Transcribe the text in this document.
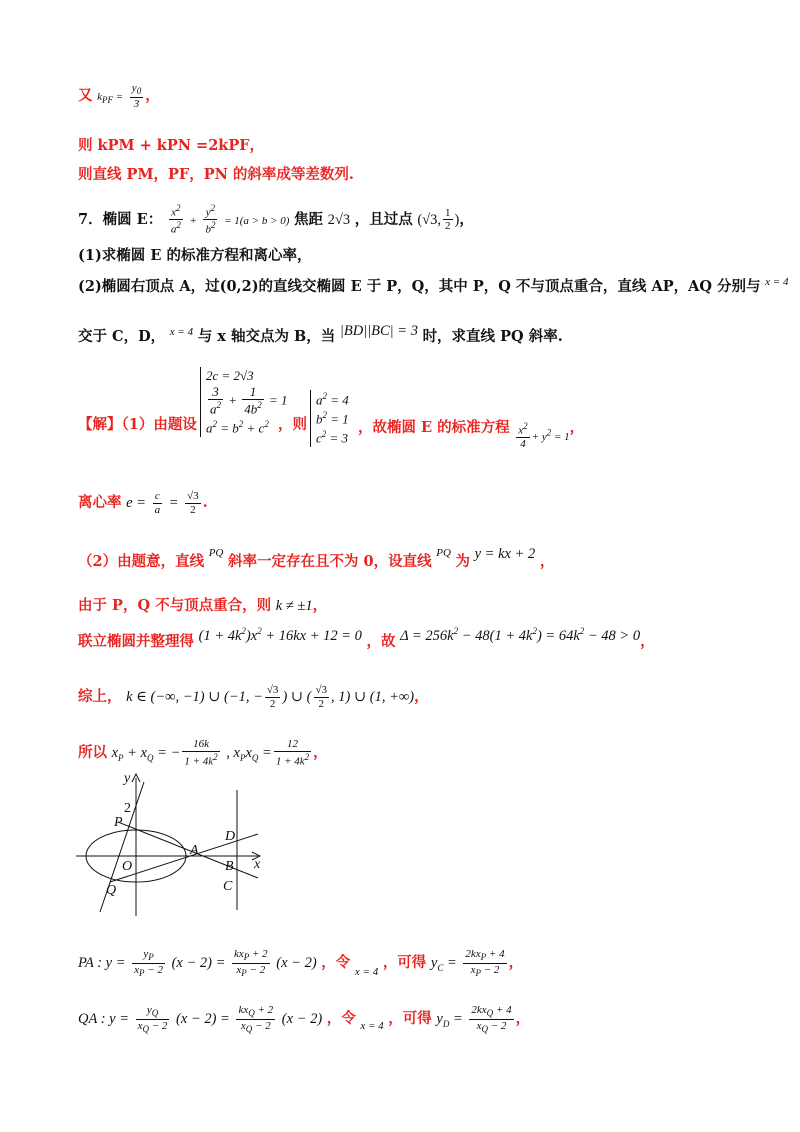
又 $k_{PF} = \frac{y_0}{3}$ ，
则 kPM + kPN =2kPF，
则直线 PM，PF，PN 的斜率成等差数列.
7．椭圆 E： $\frac{x^2}{a^2} + \frac{y^2}{b^2} = 1(a > b > 0)$ 焦距 2√3 ，且过点 (√3, $\frac{1}{2}$ )，
(1)求椭圆 E 的标准方程和离心率，
(2)椭圆右顶点 A，过(0,2)的直线交椭圆 E 于 P，Q，其中 P，Q 不与顶点重合，直线 AP，AQ 分别与 $^{x = 4}$
交于 C，D， $^{x = 4}$ 与 x 轴交点为 B，当 |BD||BC| = 3 时，求直线 PQ 斜率.
【解】（1）由题设
2c = 2√3
$\frac{3}{a^2} + \frac{1}{4b^2} = 1$
$a^2 = b^2 + c^2$ ，则
$a^2 = 4$
$b^2 = 1$
$c^2 = 3$
，故椭圆 E 的标准方程 $\frac{x^2}{4} _{+ y^2 = 1}$，
离心率 $e = \frac{c}{a} = \frac{√3}{2}$ .
（2）由题意，直线 $^{PQ}$ 斜率一定存在且不为 0，设直线 $^{PQ}$ 为 y = kx + 2 ，
由于 P，Q 不与顶点重合，则 k ≠ ±1，
联立椭圆并整理得 $(1 + 4k^2)x^2 + 16kx + 12 = 0$ ，故 $\Delta = 256k^2 - 48(1 + 4k^2) = 64k^2 - 48 > 0$，
综上， k ∈ (−∞, −1) ∪ (−1, − $\frac{√3}{2}$ ) ∪ ( $\frac{√3}{2}$ , 1) ∪ (1, +∞)，
所以 $x_P + x_Q$ = − $\frac{16k}{1 + 4k^2}$ , $x_Px_Q = \frac{12}{1 + 4k^2}$ ，
y
2
P
O
A
D
B x
C
Q
PA : $y = \frac{y_P}{x_P - 2} (x - 2) = \frac{kx_P + 2}{x_P - 2} (x - 2)$ ，令 $_{x = 4}$ ，可得 $y_C = \frac{2kx_P + 4}{x_P - 2}$ ，
QA : $y = \frac{y_Q}{x_Q - 2} (x - 2) = \frac{kx_Q + 2}{x_Q - 2} (x - 2)$ ，令 $_{x = 4}$ ，可得 $y_D = \frac{2kx_Q + 4}{x_Q - 2}$ ，
